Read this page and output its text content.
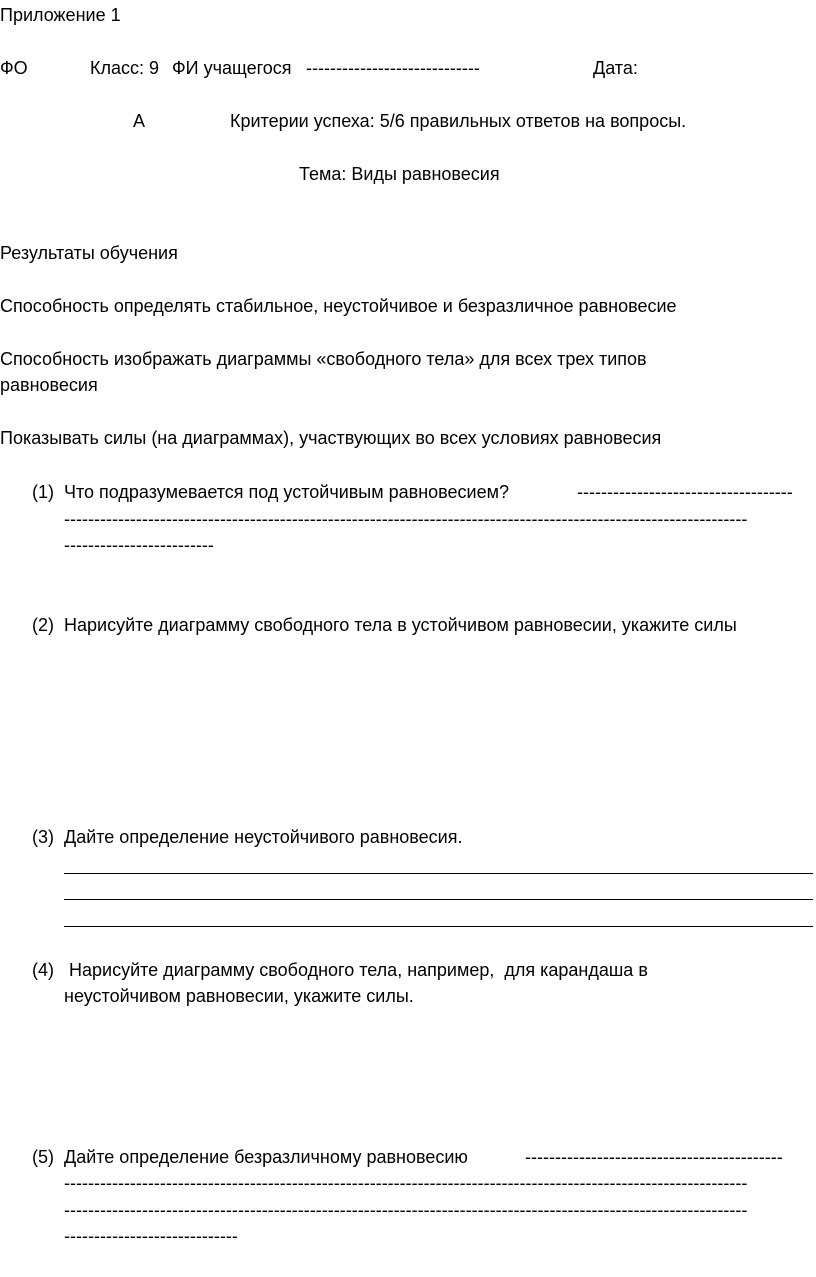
Приложение 1
ФО	Класс: 9 ФИ учащегося -----------------------------	Дата:
А	Критерии успеха: 5/6 правильных ответов на вопросы.
Тема: Виды равновесия
Результаты обучения
Способность определять стабильное, неустойчивое и безразличное равновесие
Способность изображать диаграммы «свободного тела» для всех трех типов
равновесия
Показывать силы (на диаграммах), участвующих во всех условиях равновесия
(1) Что подразумевается под устойчивым равновесием?	------------------------------------
------------------------------------------------------------------------------------------------------------------
-------------------------
(2) Нарисуйте диаграмму свободного тела в устойчивом равновесии, укажите силы
(3) Дайте определение неустойчивого равновесия.
(4) Нарисуйте диаграмму свободного тела, например,  для карандаша в
неустойчивом равновесии, укажите силы.
(5) Дайте определение безразличному равновесию	-------------------------------------------
------------------------------------------------------------------------------------------------------------------
------------------------------------------------------------------------------------------------------------------
-----------------------------
